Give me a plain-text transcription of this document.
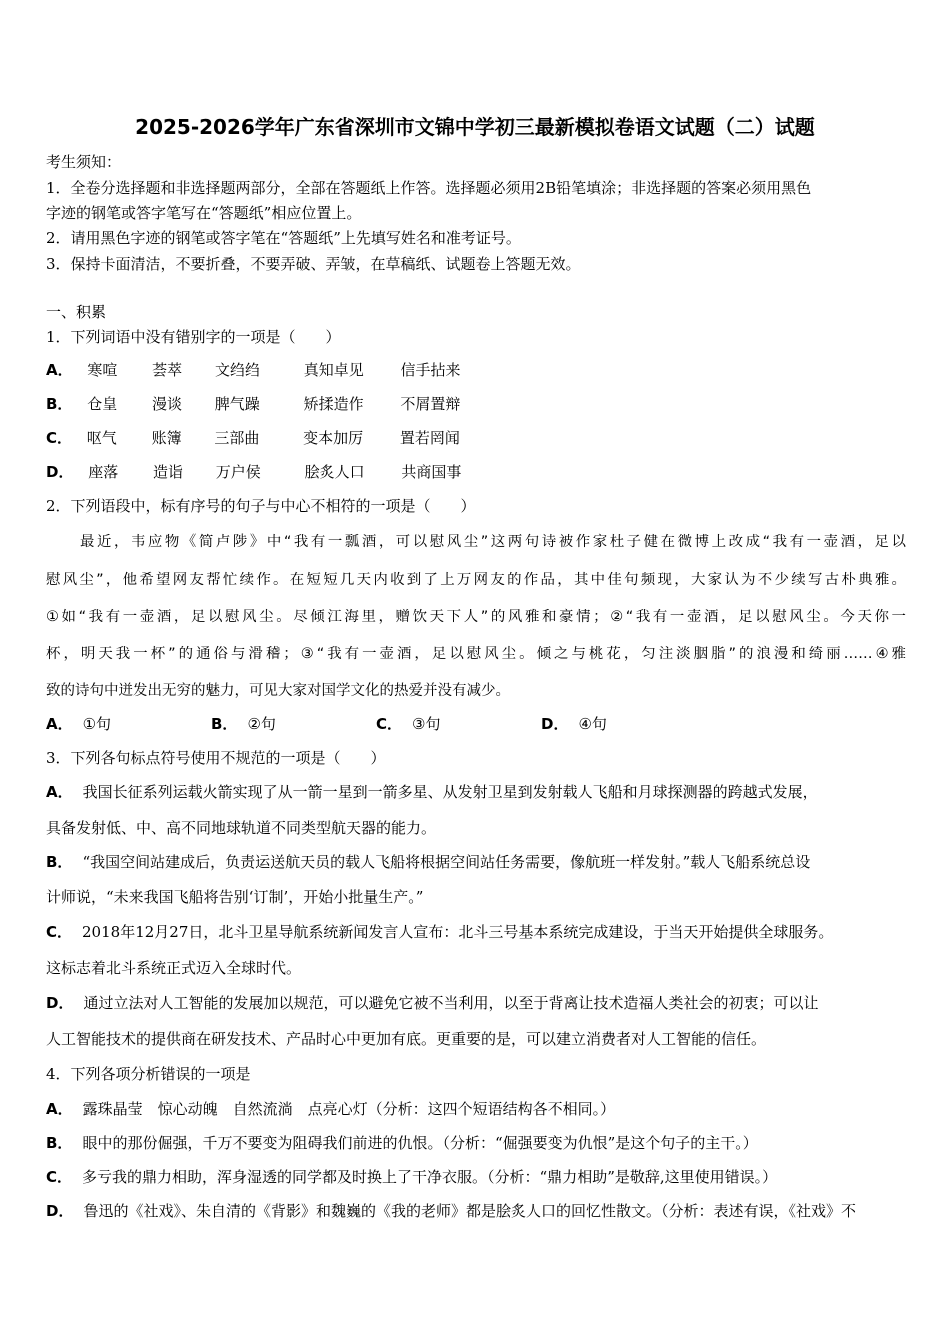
2025-2026学年广东省深圳市文锦中学初三最新模拟卷语文试题（二）试题
考生须知：
1．全卷分选择题和非选择题两部分，全部在答题纸上作答。选择题必须用2B铅笔填涂；非选择题的答案必须用黑色
字迹的钢笔或答字笔写在“答题纸”相应位置上。
2．请用黑色字迹的钢笔或答字笔在“答题纸”上先填写姓名和准考证号。
3．保持卡面清洁，不要折叠，不要弄破、弄皱，在草稿纸、试题卷上答题无效。
一、积累
1．下列词语中没有错别字的一项是（　　）
A． 寒喧 荟萃 文绉绉	真知卓见 信手拈来
B． 仓皇 漫谈 脾气躁	矫揉造作 不屑置辩
C． 呕气 账簿 三部曲	变本加厉 置若罔闻
D． 座落 造诣 万户侯	脍炙人口 共商国事
2．下列语段中，标有序号的句子与中心不相符的一项是（　　）
　　最近，韦应物《简卢陟》中“我有一瓢酒，可以慰风尘”这两句诗被作家杜子健在微博上改成“我有一壶酒，足以
慰风尘”，他希望网友帮忙续作。在短短几天内收到了上万网友的作品，其中佳句频现，大家认为不少续写古朴典雅。
①如“我有一壶酒，足以慰风尘。尽倾江海里，赠饮天下人”的风雅和豪情；②“我有一壶酒，足以慰风尘。今天你一
杯，明天我一杯”的通俗与滑稽；③“我有一壶酒，足以慰风尘。倾之与桃花，匀注淡胭脂”的浪漫和绮丽……④雅
致的诗句中迸发出无穷的魅力，可见大家对国学文化的热爱并没有减少。
A． ①句	B． ②句	C． ③句	D． ④句
3．下列各句标点符号使用不规范的一项是（　　）
A． 我国长征系列运载火箭实现了从一箭一星到一箭多星、从发射卫星到发射载人飞船和月球探测器的跨越式发展，
具备发射低、中、高不同地球轨道不同类型航天器的能力。
B． “我国空间站建成后，负责运送航天员的载人飞船将根据空间站任务需要，像航班一样发射。”载人飞船系统总设
计师说，“未来我国飞船将告别‘订制’，开始小批量生产。”
C． 2018年12月27日，北斗卫星导航系统新闻发言人宣布：北斗三号基本系统完成建设，于当天开始提供全球服务。
这标志着北斗系统正式迈入全球时代。
D． 通过立法对人工智能的发展加以规范，可以避免它被不当利用，以至于背离让技术造福人类社会的初衷；可以让
人工智能技术的提供商在研发技术、产品时心中更加有底。更重要的是，可以建立消费者对人工智能的信任。
4．下列各项分析错误的一项是
A． 露珠晶莹　惊心动魄　自然流淌　点亮心灯（分析：这四个短语结构各不相同。）
B． 眼中的那份倔强，千万不要变为阻碍我们前进的仇恨。（分析：“倔强要变为仇恨”是这个句子的主干。）
C． 多亏我的鼎力相助，浑身湿透的同学都及时换上了干净衣服。（分析：“鼎力相助”是敬辞,这里使用错误。）
D． 鲁迅的《社戏》、朱自清的《背影》和魏巍的《我的老师》都是脍炙人口的回忆性散文。（分析：表述有误，《社戏》不
